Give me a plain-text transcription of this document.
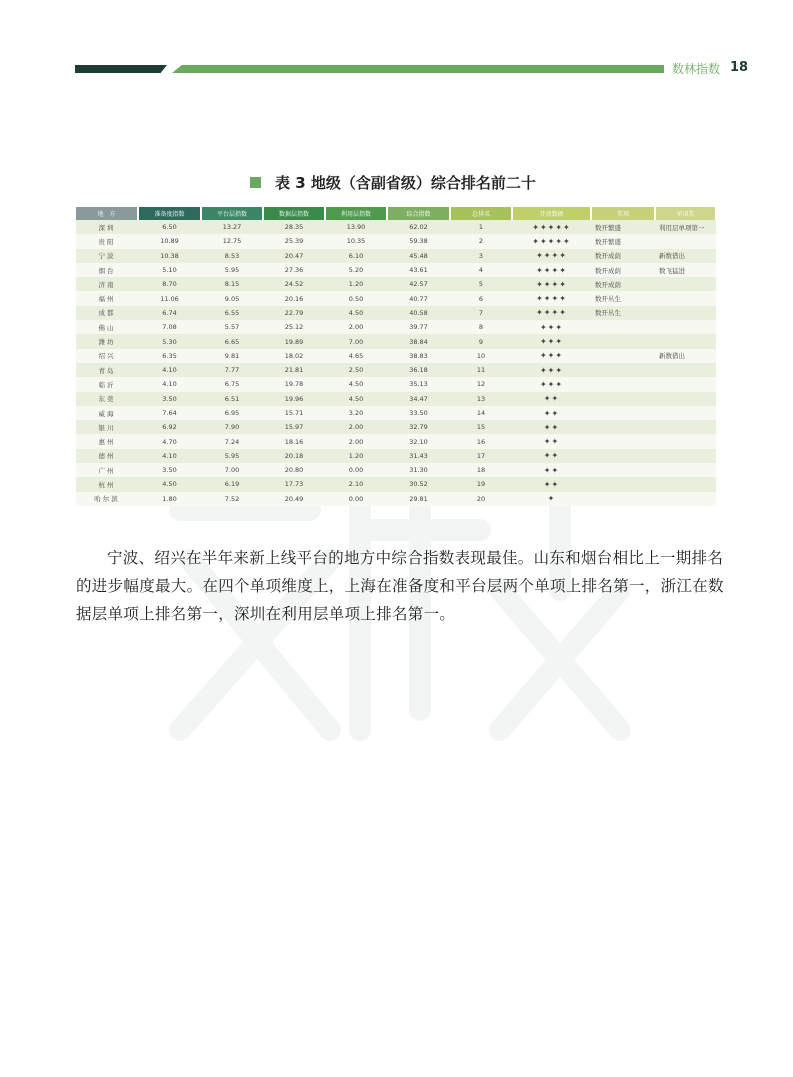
数林指数 18
表 3 地级（含副省级）综合排名前二十
地　方	准备度指数	平台层指数	数据层指数	利用层指数	综合指数	总排名	开放数据	奖项	单项奖
深圳	6.50	13.27	28.35	13.90	62.02	1	✦✦✦✦✦	数开繁盛	利用层单项第一
贵阳	10.89	12.75	25.39	10.35	59.38	2	✦✦✦✦✦	数开繁盛	
宁波	10.38	8.53	20.47	6.10	45.48	3	✦✦✦✦	数开成荫	新数借出
烟台	5.10	5.95	27.36	5.20	43.61	4	✦✦✦✦	数开成荫	数飞猛进
济南	8.70	8.15	24.52	1.20	42.57	5	✦✦✦✦	数开成荫	
福州	11.06	9.05	20.16	0.50	40.77	6	✦✦✦✦	数开丛生	
成都	6.74	6.55	22.79	4.50	40.58	7	✦✦✦✦	数开丛生	
佛山	7.08	5.57	25.12	2.00	39.77	8	✦✦✦		
潍坊	5.30	6.65	19.89	7.00	38.84	9	✦✦✦		
绍兴	6.35	9.81	18.02	4.65	38.83	10	✦✦✦		新数借出
青岛	4.10	7.77	21.81	2.50	36.18	11	✦✦✦		
临沂	4.10	6.75	19.78	4.50	35.13	12	✦✦✦		
东莞	3.50	6.51	19.96	4.50	34.47	13	✦✦		
威海	7.64	6.95	15.71	3.20	33.50	14	✦✦		
银川	6.92	7.90	15.97	2.00	32.79	15	✦✦		
惠州	4.70	7.24	18.16	2.00	32.10	16	✦✦		
德州	4.10	5.95	20.18	1.20	31.43	17	✦✦		
广州	3.50	7.00	20.80	0.00	31.30	18	✦✦		
杭州	4.50	6.19	17.73	2.10	30.52	19	✦✦		
哈尔滨	1.80	7.52	20.49	0.00	29.81	20	✦		
宁波、绍兴在半年来新上线平台的地方中综合指数表现最佳。山东和烟台相比上一期排名的进步幅度最大。在四个单项维度上，上海在准备度和平台层两个单项上排名第一，浙江在数据层单项上排名第一，深圳在利用层单项上排名第一。
